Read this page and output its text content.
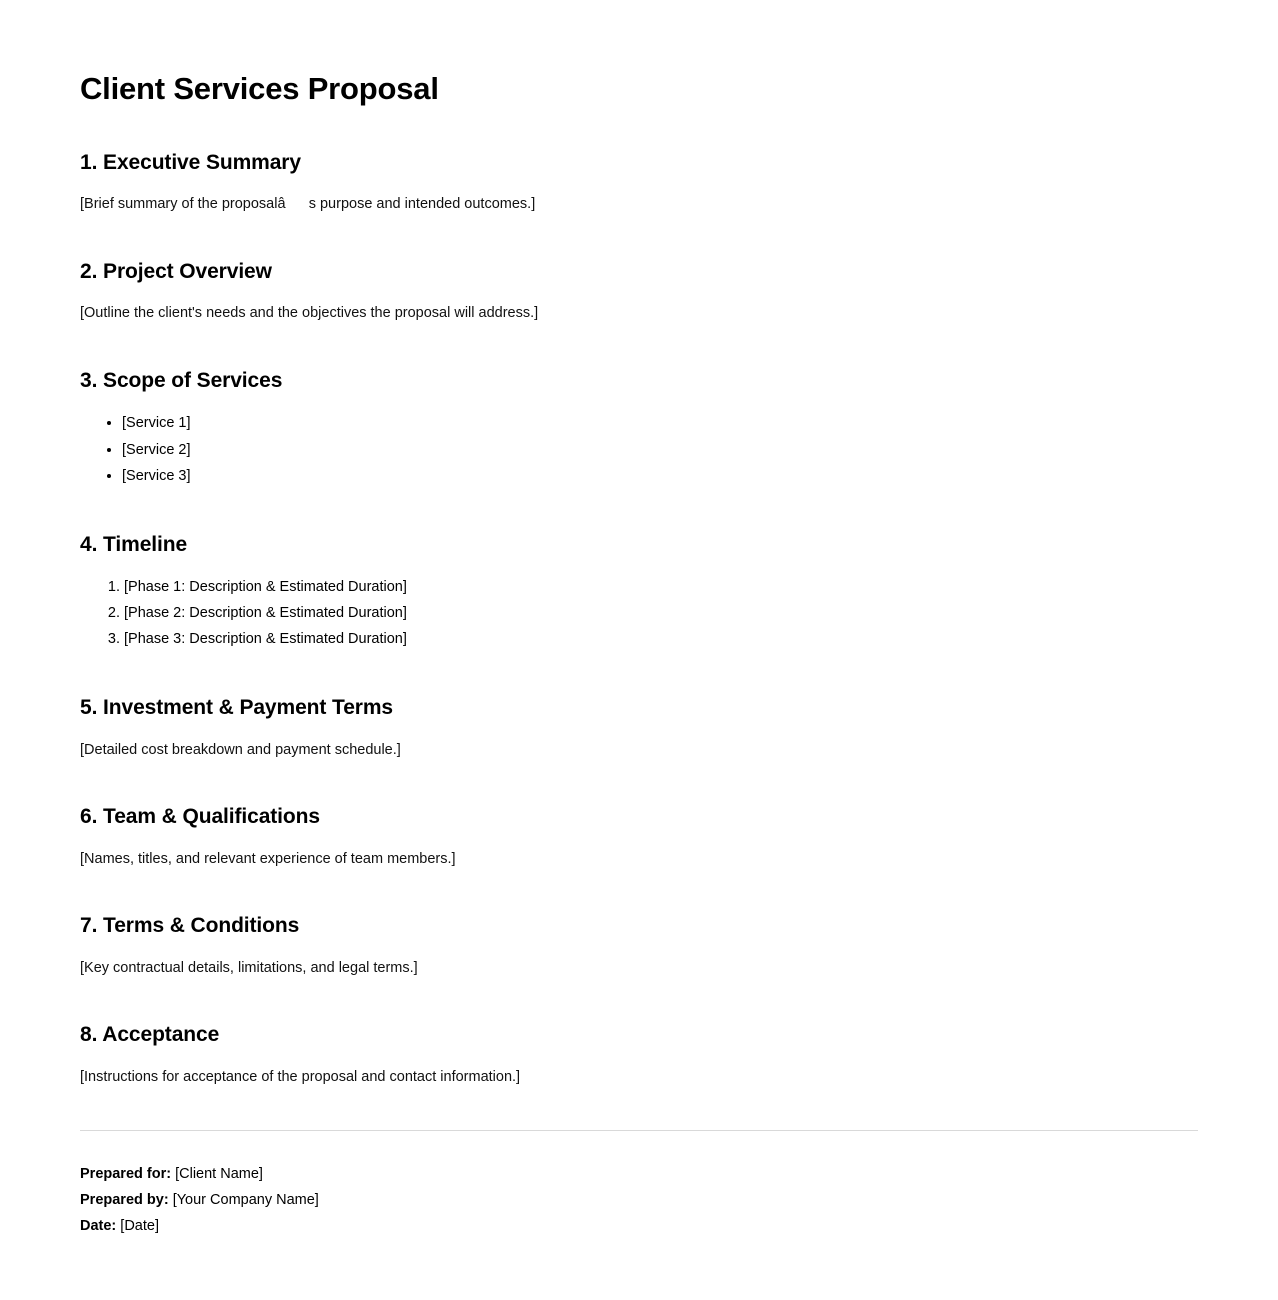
Client Services Proposal
1. Executive Summary

[Brief summary of the proposalâs purpose and intended outcomes.]

2. Project Overview

[Outline the client's needs and the objectives the proposal will address.]

3. Scope of Services
• [Service 1]
• [Service 2]
• [Service 3]
4. Timeline
1. [Phase 1: Description & Estimated Duration]
2. [Phase 2: Description & Estimated Duration]
3. [Phase 3: Description & Estimated Duration]
5. Investment & Payment Terms

[Detailed cost breakdown and payment schedule.]

6. Team & Qualifications

[Names, titles, and relevant experience of team members.]

7. Terms & Conditions

[Key contractual details, limitations, and legal terms.]

8. Acceptance

[Instructions for acceptance of the proposal and contact information.]

Prepared for: [Client Name]
Prepared by: [Your Company Name]
Date: [Date]
